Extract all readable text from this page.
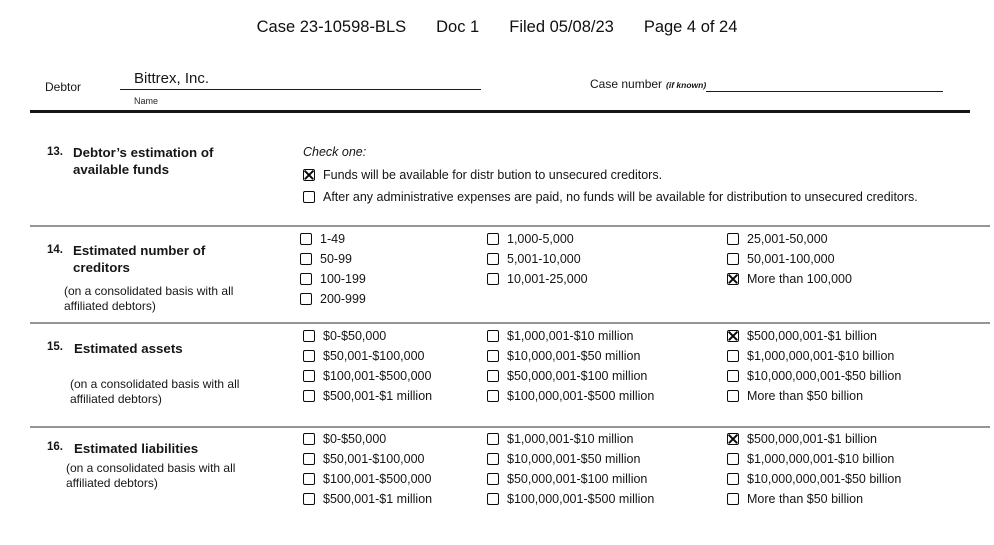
Case 23-10598-BLS Doc 1 Filed 05/08/23 Page 4 of 24
Debtor	Bittrex, Inc.
Name
Case number (if known)
13. Debtor’s estimation of available funds
Check one:
Funds will be available for distr bution to unsecured creditors.
After any administrative expenses are paid, no funds will be available for distribution to unsecured creditors.
14. Estimated number of creditors
(on a consolidated basis with all affiliated debtors)
1-49
50-99
100-199
200-999
1,000-5,000
5,001-10,000
10,001-25,000
25,001-50,000
50,001-100,000
More than 100,000
15. Estimated assets
(on a consolidated basis with all affiliated debtors)
$0-$50,000
$50,001-$100,000
$100,001-$500,000
$500,001-$1 million
$1,000,001-$10 million
$10,000,001-$50 million
$50,000,001-$100 million
$100,000,001-$500 million
$500,000,001-$1 billion
$1,000,000,001-$10 billion
$10,000,000,001-$50 billion
More than $50 billion
16. Estimated liabilities
(on a consolidated basis with all affiliated debtors)
$0-$50,000
$50,001-$100,000
$100,001-$500,000
$500,001-$1 million
$1,000,001-$10 million
$10,000,001-$50 million
$50,000,001-$100 million
$100,000,001-$500 million
$500,000,001-$1 billion
$1,000,000,001-$10 billion
$10,000,000,001-$50 billion
More than $50 billion
